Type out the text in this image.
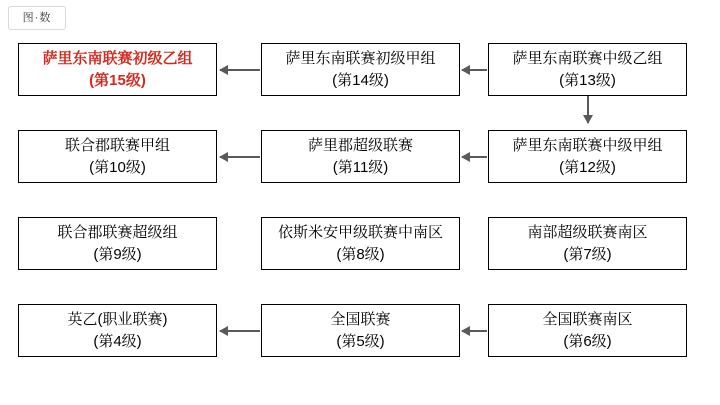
图·数
萨里东南联赛初级乙组
(第15级)
萨里东南联赛初级甲组
(第14级)
萨里东南联赛中级乙组
(第13级)
联合郡联赛甲组
(第10级)
萨里郡超级联赛
(第11级)
萨里东南联赛中级甲组
(第12级)
联合郡联赛超级组
(第9级)
依斯米安甲级联赛中南区
(第8级)
南部超级联赛南区
(第7级)
英乙(职业联赛)
(第4级)
全国联赛
(第5级)
全国联赛南区
(第6级)
